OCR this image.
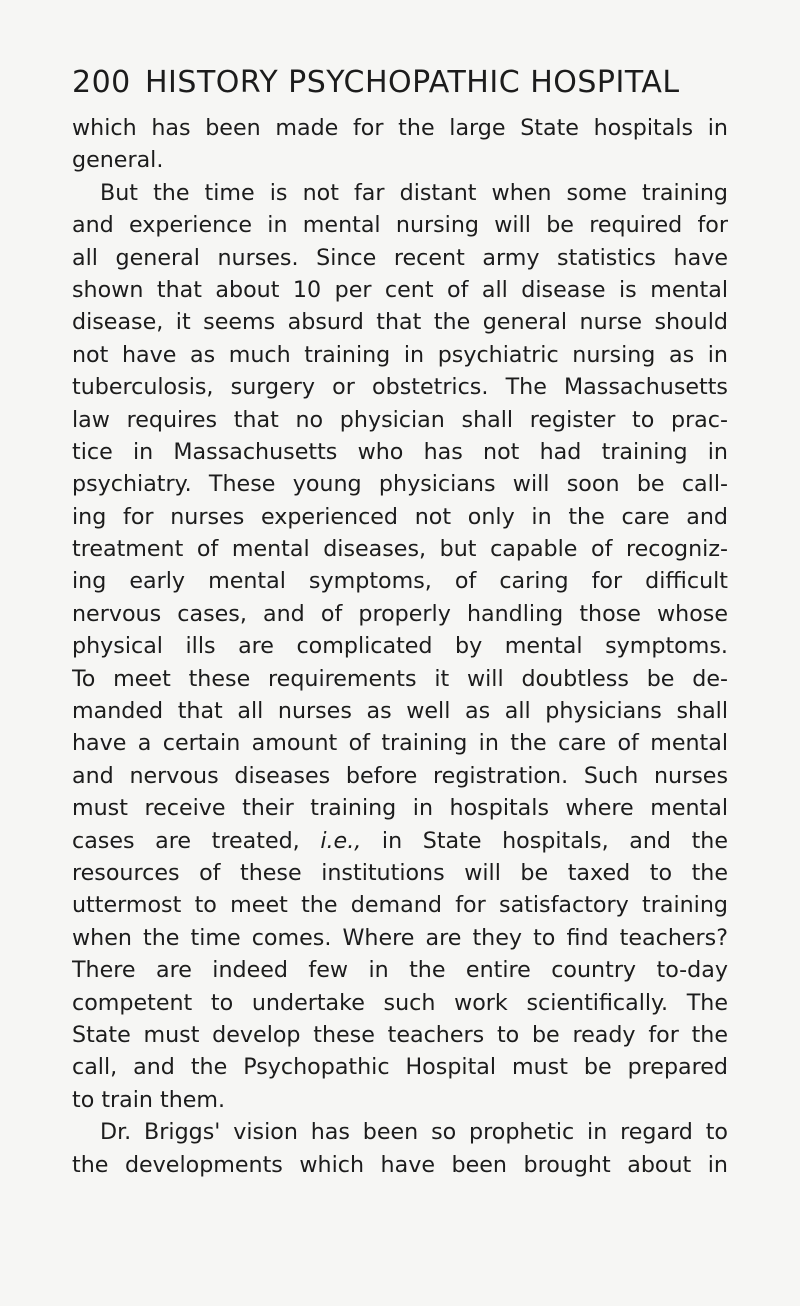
200 HISTORY PSYCHOPATHIC HOSPITAL
which has been made for the large State hospitals in
general.
But the time is not far distant when some training
and experience in mental nursing will be required for
all general nurses. Since recent army statistics have
shown that about 10 per cent of all disease is mental
disease, it seems absurd that the general nurse should
not have as much training in psychiatric nursing as in
tuberculosis, surgery or obstetrics. The Massachusetts
law requires that no physician shall register to prac-
tice in Massachusetts who has not had training in
psychiatry. These young physicians will soon be call-
ing for nurses experienced not only in the care and
treatment of mental diseases, but capable of recogniz-
ing early mental symptoms, of caring for difficult
nervous cases, and of properly handling those whose
physical ills are complicated by mental symptoms.
To meet these requirements it will doubtless be de-
manded that all nurses as well as all physicians shall
have a certain amount of training in the care of mental
and nervous diseases before registration. Such nurses
must receive their training in hospitals where mental
cases are treated, i.e., in State hospitals, and the
resources of these institutions will be taxed to the
uttermost to meet the demand for satisfactory training
when the time comes. Where are they to find teachers?
There are indeed few in the entire country to-day
competent to undertake such work scientifically. The
State must develop these teachers to be ready for the
call, and the Psychopathic Hospital must be prepared
to train them.
Dr. Briggs' vision has been so prophetic in regard to
the developments which have been brought about in
